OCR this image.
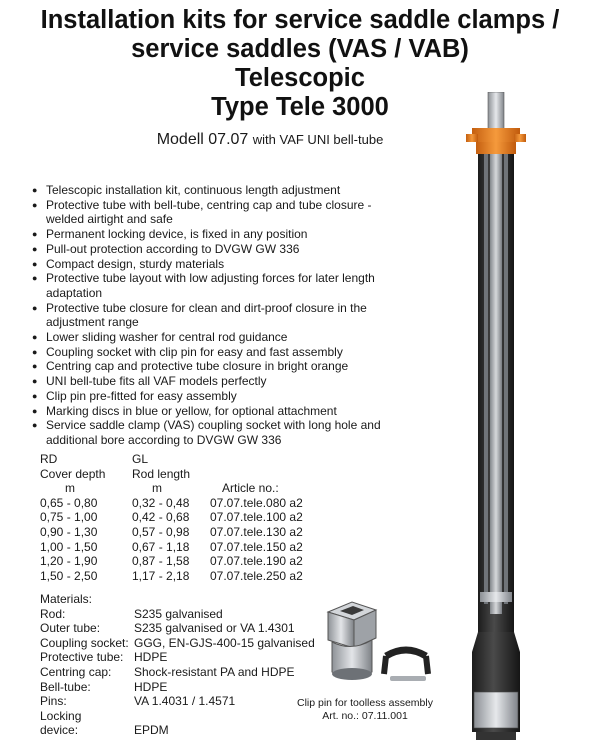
Installation kits for service saddle clamps /
service saddles (VAS / VAB)
Telescopic
Type Tele 3000
Modell 07.07 with VAF UNI bell-tube
● Telescopic installation kit, continuous length adjustment
● Protective tube with bell-tube, centring cap and tube closure - welded airtight and safe
● Permanent locking device, is fixed in any position
● Pull-out protection according to DVGW GW 336
● Compact design, sturdy materials
● Protective tube layout with low adjusting forces for later length adaptation
● Protective tube closure for clean and dirt-proof closure in the adjustment range
● Lower sliding washer for central rod guidance
● Coupling socket with clip pin for easy and fast assembly
● Centring cap and protective tube closure in bright orange
● UNI bell-tube fits all VAF models perfectly
● Clip pin pre-fitted for easy assembly
● Marking discs in blue or yellow, for optional attachment
● Service saddle clamp (VAS) coupling socket with long hole and additional bore according to DVGW GW 336
RD	GL
Cover depth	Rod length
m	m	Article no.:
0,65 - 0,80	0,32 - 0,48	07.07.tele.080 a2
0,75 - 1,00	0,42 - 0,68	07.07.tele.100 a2
0,90 - 1,30	0,57 - 0,98	07.07.tele.130 a2
1,00 - 1,50	0,67 - 1,18	07.07.tele.150 a2
1,20 - 1,90	0,87 - 1,58	07.07.tele.190 a2
1,50 - 2,50	1,17 - 2,18	07.07.tele.250 a2
Materials:
Rod:	S235 galvanised
Outer tube:	S235 galvanised or VA 1.4301
Coupling socket: GGG, EN-GJS-400-15 galvanised
Protective tube: HDPE
Centring cap:	Shock-resistant PA and HDPE
Bell-tube:	HDPE
Pins:	VA 1.4031 / 1.4571
Locking
device:	EPDM
Clip pin for toolless assembly
Art. no.: 07.11.001
